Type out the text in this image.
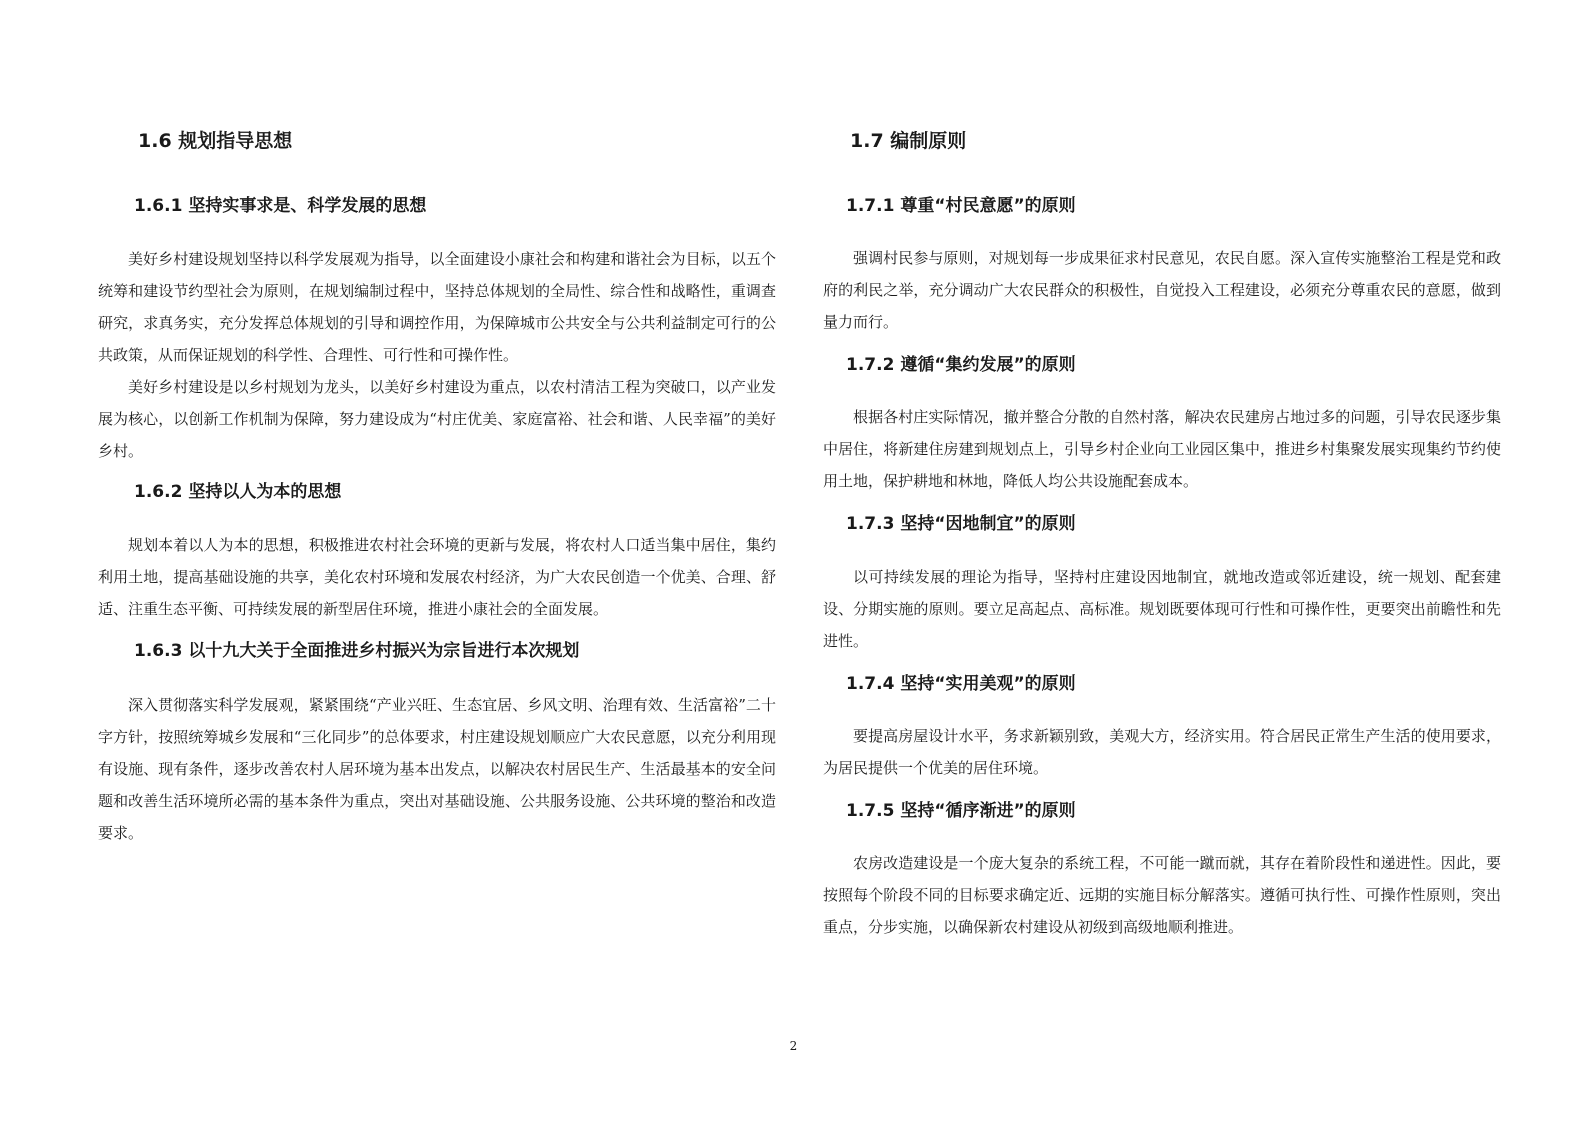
1.6 规划指导思想
1.6.1 坚持实事求是、科学发展的思想

美好乡村建设规划坚持以科学发展观为指导，以全面建设小康社会和构建和谐社会为目标，以五个统筹和建设节约型社会为原则，在规划编制过程中，坚持总体规划的全局性、综合性和战略性，重调查研究，求真务实，充分发挥总体规划的引导和调控作用，为保障城市公共安全与公共利益制定可行的公共政策，从而保证规划的科学性、合理性、可行性和可操作性。

美好乡村建设是以乡村规划为龙头，以美好乡村建设为重点，以农村清洁工程为突破口，以产业发展为核心，以创新工作机制为保障，努力建设成为“村庄优美、家庭富裕、社会和谐、人民幸福”的美好乡村。

1.6.2 坚持以人为本的思想

规划本着以人为本的思想，积极推进农村社会环境的更新与发展，将农村人口适当集中居住，集约利用土地，提高基础设施的共享，美化农村环境和发展农村经济，为广大农民创造一个优美、合理、舒适、注重生态平衡、可持续发展的新型居住环境，推进小康社会的全面发展。

1.6.3 以十九大关于全面推进乡村振兴为宗旨进行本次规划

深入贯彻落实科学发展观，紧紧围绕“产业兴旺、生态宜居、乡风文明、治理有效、生活富裕”二十字方针，按照统筹城乡发展和“三化同步”的总体要求，村庄建设规划顺应广大农民意愿，以充分利用现有设施、现有条件，逐步改善农村人居环境为基本出发点，以解决农村居民生产、生活最基本的安全问题和改善生活环境所必需的基本条件为重点，突出对基础设施、公共服务设施、公共环境的整治和改造要求。

1.7 编制原则
1.7.1 尊重“村民意愿”的原则

强调村民参与原则，对规划每一步成果征求村民意见，农民自愿。深入宣传实施整治工程是党和政府的利民之举，充分调动广大农民群众的积极性，自觉投入工程建设，必须充分尊重农民的意愿，做到量力而行。

1.7.2 遵循“集约发展”的原则

根据各村庄实际情况，撤并整合分散的自然村落，解决农民建房占地过多的问题，引导农民逐步集中居住，将新建住房建到规划点上，引导乡村企业向工业园区集中，推进乡村集聚发展实现集约节约使用土地，保护耕地和林地，降低人均公共设施配套成本。

1.7.3 坚持“因地制宜”的原则

以可持续发展的理论为指导，坚持村庄建设因地制宜，就地改造或邻近建设，统一规划、配套建设、分期实施的原则。要立足高起点、高标准。规划既要体现可行性和可操作性，更要突出前瞻性和先进性。

1.7.4 坚持“实用美观”的原则

要提高房屋设计水平，务求新颖别致，美观大方，经济实用。符合居民正常生产生活的使用要求，为居民提供一个优美的居住环境。

1.7.5 坚持“循序渐进”的原则

农房改造建设是一个庞大复杂的系统工程，不可能一蹴而就，其存在着阶段性和递进性。因此，要按照每个阶段不同的目标要求确定近、远期的实施目标分解落实。遵循可执行性、可操作性原则，突出重点，分步实施，以确保新农村建设从初级到高级地顺利推进。

2
